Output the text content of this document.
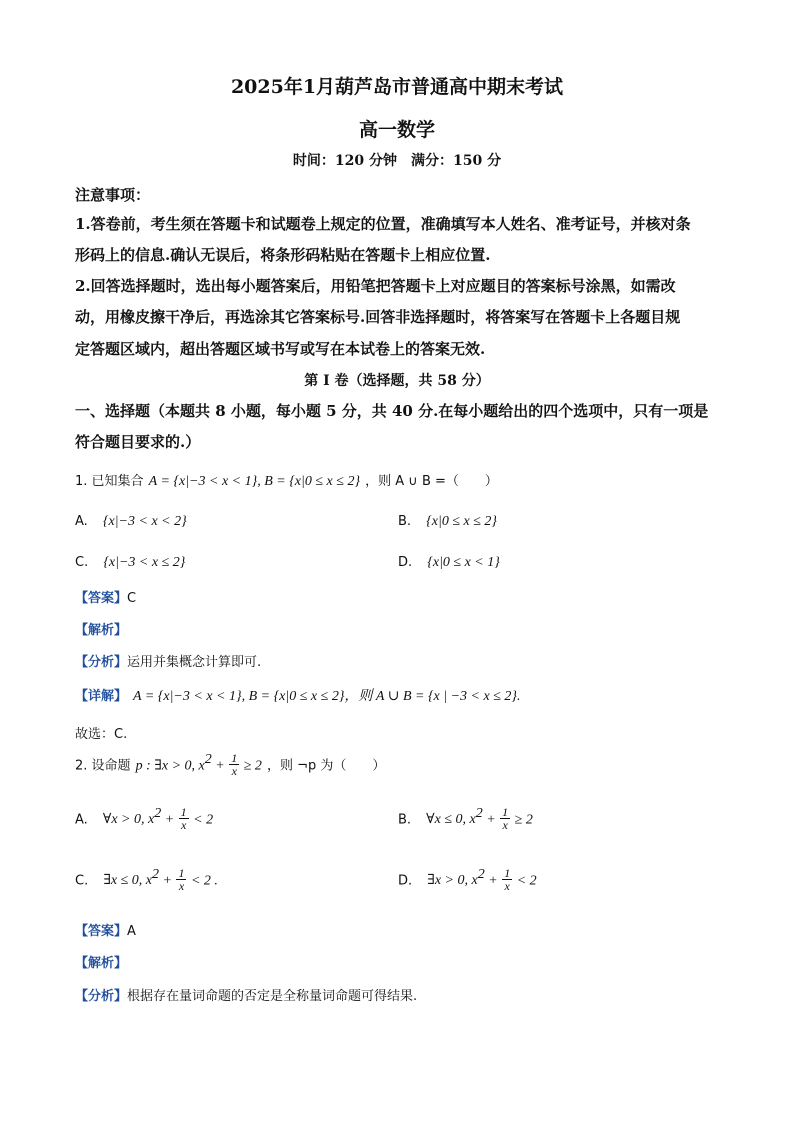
2025年1月葫芦岛市普通高中期末考试
高一数学
时间：120 分钟　满分：150 分
注意事项：
1.答卷前，考生须在答题卡和试题卷上规定的位置，准确填写本人姓名、准考证号，并核对条
形码上的信息.确认无误后，将条形码粘贴在答题卡上相应位置.
2.回答选择题时，选出每小题答案后，用铅笔把答题卡上对应题目的答案标号涂黑，如需改
动，用橡皮擦干净后，再选涂其它答案标号.回答非选择题时，将答案写在答题卡上各题目规
定答题区域内，超出答题区域书写或写在本试卷上的答案无效.
第 I 卷（选择题，共 58 分）
一、选择题（本题共 8 小题，每小题 5 分，共 40 分.在每小题给出的四个选项中，只有一项是
符合题目要求的.）
1. 已知集合 A = {x|−3 < x < 1}, B = {x|0 ≤ x ≤ 2} ，则 A ∪ B =（　　）
A. {x|−3 < x < 2}	B. {x|0 ≤ x ≤ 2}
C. {x|−3 < x ≤ 2}	D. {x|0 ≤ x < 1}
【答案】C
【解析】
【分析】运用并集概念计算即可.
【详解】 A = {x|−3 < x < 1}, B = {x|0 ≤ x ≤ 2}，则 A ∪ B = {x | −3 < x ≤ 2}.
故选：C.
2. 设命题 p : ∃x > 0, $x^2 + \frac{1}{x} \ge 2$ ，则 ¬p 为（　　）
A. ∀x > 0, $x^2 + \frac{1}{x} < 2$	B. ∀x ≤ 0, $x^2 + \frac{1}{x} \ge 2$
C. ∃x ≤ 0, $x^2 + \frac{1}{x} < 2$ .	D. ∃x > 0, $x^2 + \frac{1}{x} < 2$
【答案】A
【解析】
【分析】根据存在量词命题的否定是全称量词命题可得结果.
